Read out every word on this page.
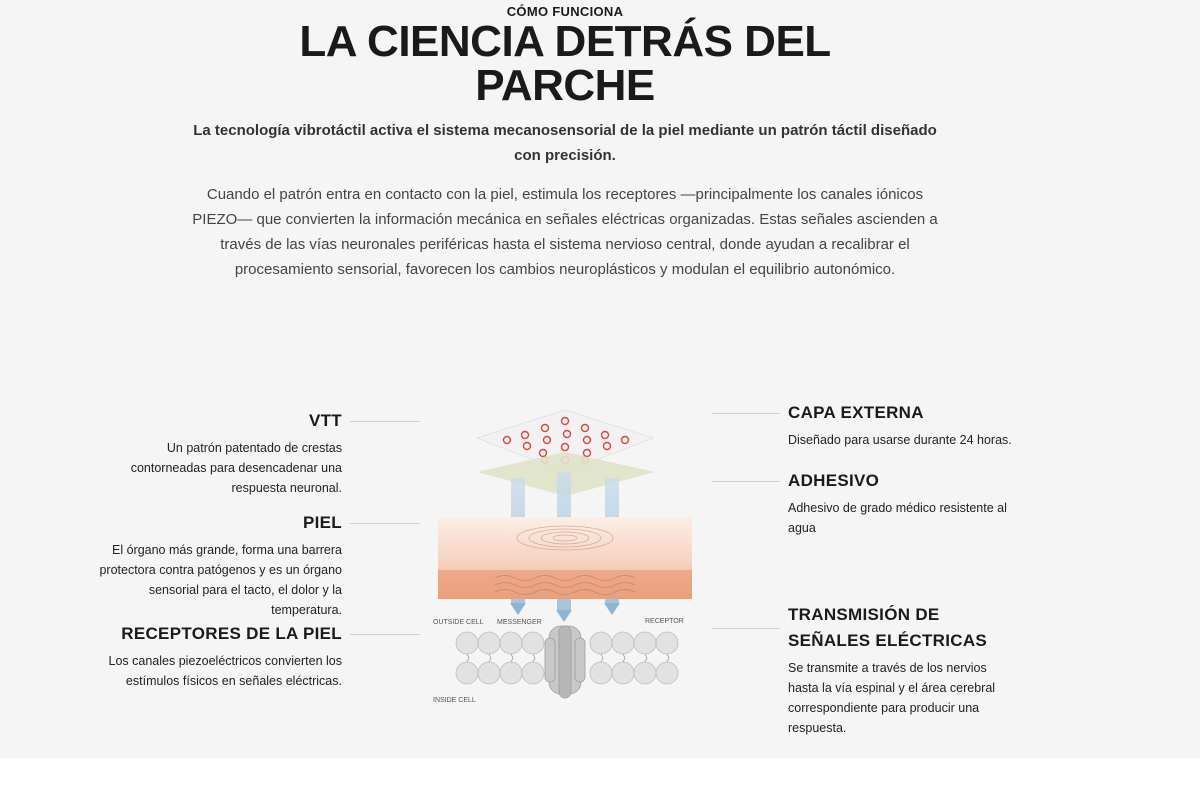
CÓMO FUNCIONA
LA CIENCIA DETRÁS DEL
PARCHE

La tecnología vibrotáctil activa el sistema mecanosensorial de la piel mediante un patrón táctil diseñado con precisión.

Cuando el patrón entra en contacto con la piel, estimula los receptores —principalmente los canales iónicos PIEZO— que convierten la información mecánica en señales eléctricas organizadas. Estas señales ascienden a través de las vías neuronales periféricas hasta el sistema nervioso central, donde ayudan a recalibrar el procesamiento sensorial, favorecen los cambios neuroplásticos y modulan el equilibrio autonómico.

VTT

Un patrón patentado de crestas contorneadas para desencadenar una respuesta neuronal.

PIEL

El órgano más grande, forma una barrera protectora contra patógenos y es un órgano sensorial para el tacto, el dolor y la temperatura.

RECEPTORES DE LA PIEL

Los canales piezoeléctricos convierten los estímulos físicos en señales eléctricas.

CAPA EXTERNA

Diseñado para usarse durante 24 horas.

ADHESIVO

Adhesivo de grado médico resistente al agua

TRANSMISIÓN DE SEÑALES ELÉCTRICAS

Se transmite a través de los nervios hasta la vía espinal y el área cerebral correspondiente para producir una respuesta.

OUTSIDE CELL MESSENGER	RECEPTOR
INSIDE CELL
